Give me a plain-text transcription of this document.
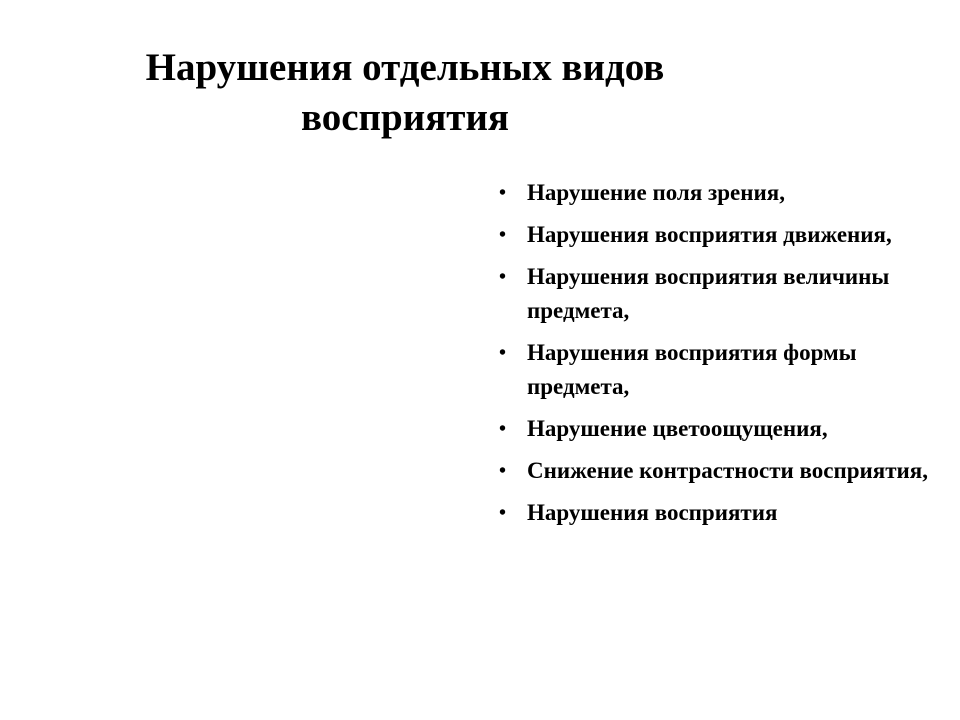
Нарушения отдельных видов
восприятия
• Нарушение поля зрения,
• Нарушения восприятия движения,
• Нарушения восприятия величины предмета,
• Нарушения восприятия формы предмета,
• Нарушение цветоощущения,
• Снижение контрастности восприятия,
• Нарушения восприятия
